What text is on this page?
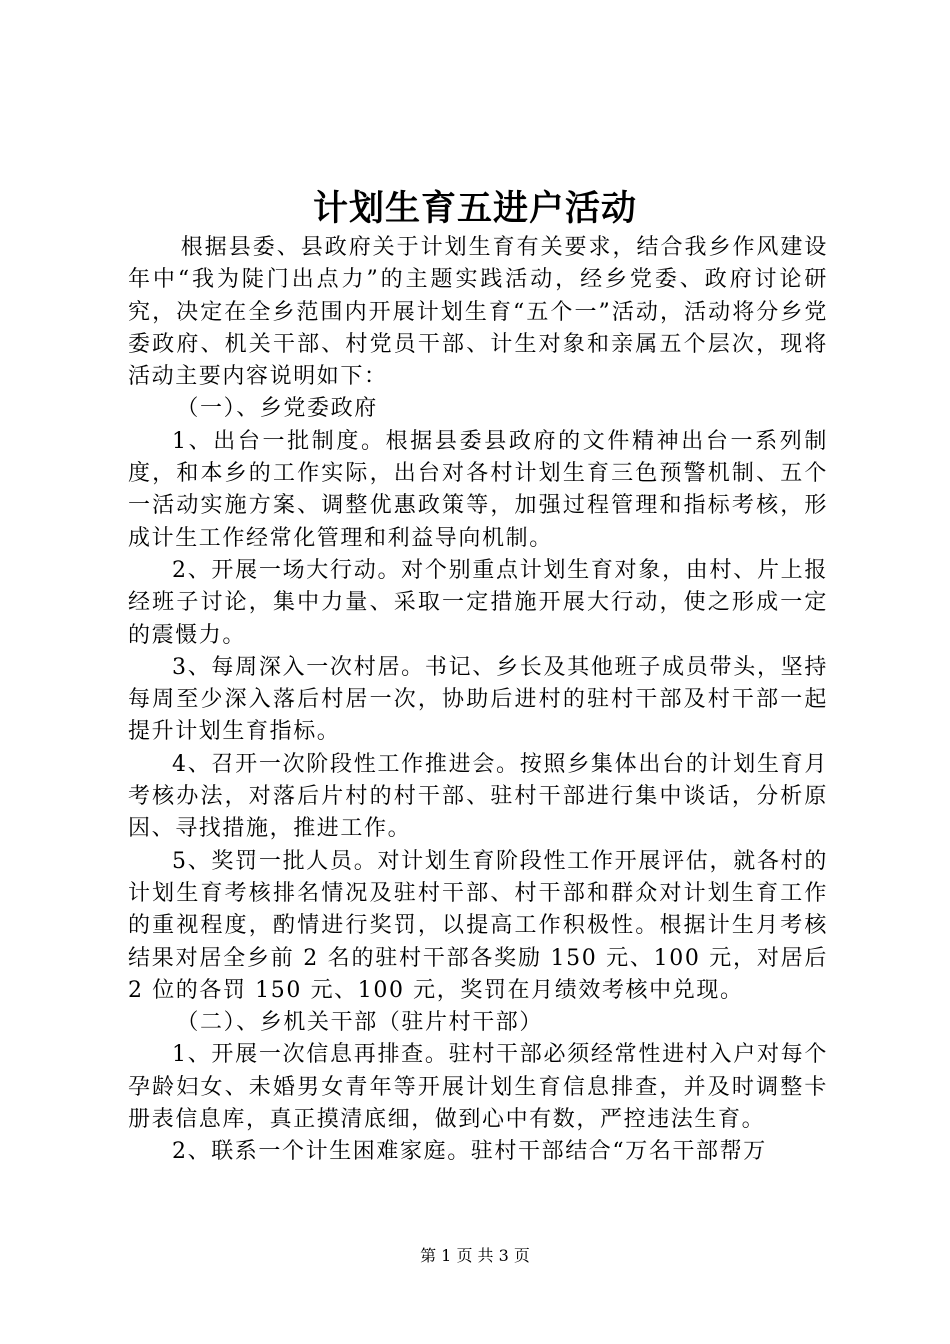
计划生育五进户活动

根据县委、县政府关于计划生育有关要求，结合我乡作风建设年中“我为陡门出点力”的主题实践活动，经乡党委、政府讨论研究，决定在全乡范围内开展计划生育“五个一”活动，活动将分乡党委政府、机关干部、村党员干部、计生对象和亲属五个层次，现将活动主要内容说明如下：

（一）、乡党委政府

1、出台一批制度。根据县委县政府的文件精神出台一系列制度，和本乡的工作实际，出台对各村计划生育三色预警机制、五个一活动实施方案、调整优惠政策等，加强过程管理和指标考核，形成计生工作经常化管理和利益导向机制。

2、开展一场大行动。对个别重点计划生育对象，由村、片上报经班子讨论，集中力量、采取一定措施开展大行动，使之形成一定的震慑力。

3、每周深入一次村居。书记、乡长及其他班子成员带头，坚持每周至少深入落后村居一次，协助后进村的驻村干部及村干部一起提升计划生育指标。

4、召开一次阶段性工作推进会。按照乡集体出台的计划生育月考核办法，对落后片村的村干部、驻村干部进行集中谈话，分析原因、寻找措施，推进工作。

5、奖罚一批人员。对计划生育阶段性工作开展评估，就各村的计划生育考核排名情况及驻村干部、村干部和群众对计划生育工作的重视程度，酌情进行奖罚，以提高工作积极性。根据计生月考核结果对居全乡前 2 名的驻村干部各奖励 150 元、100 元，对居后 2 位的各罚 150 元、100 元，奖罚在月绩效考核中兑现。

（二）、乡机关干部（驻片村干部）

1、开展一次信息再排查。驻村干部必须经常性进村入户对每个孕龄妇女、未婚男女青年等开展计划生育信息排查，并及时调整卡册表信息库，真正摸清底细，做到心中有数，严控违法生育。

2、联系一个计生困难家庭。驻村干部结合“万名干部帮万

第 1 页 共 3 页
